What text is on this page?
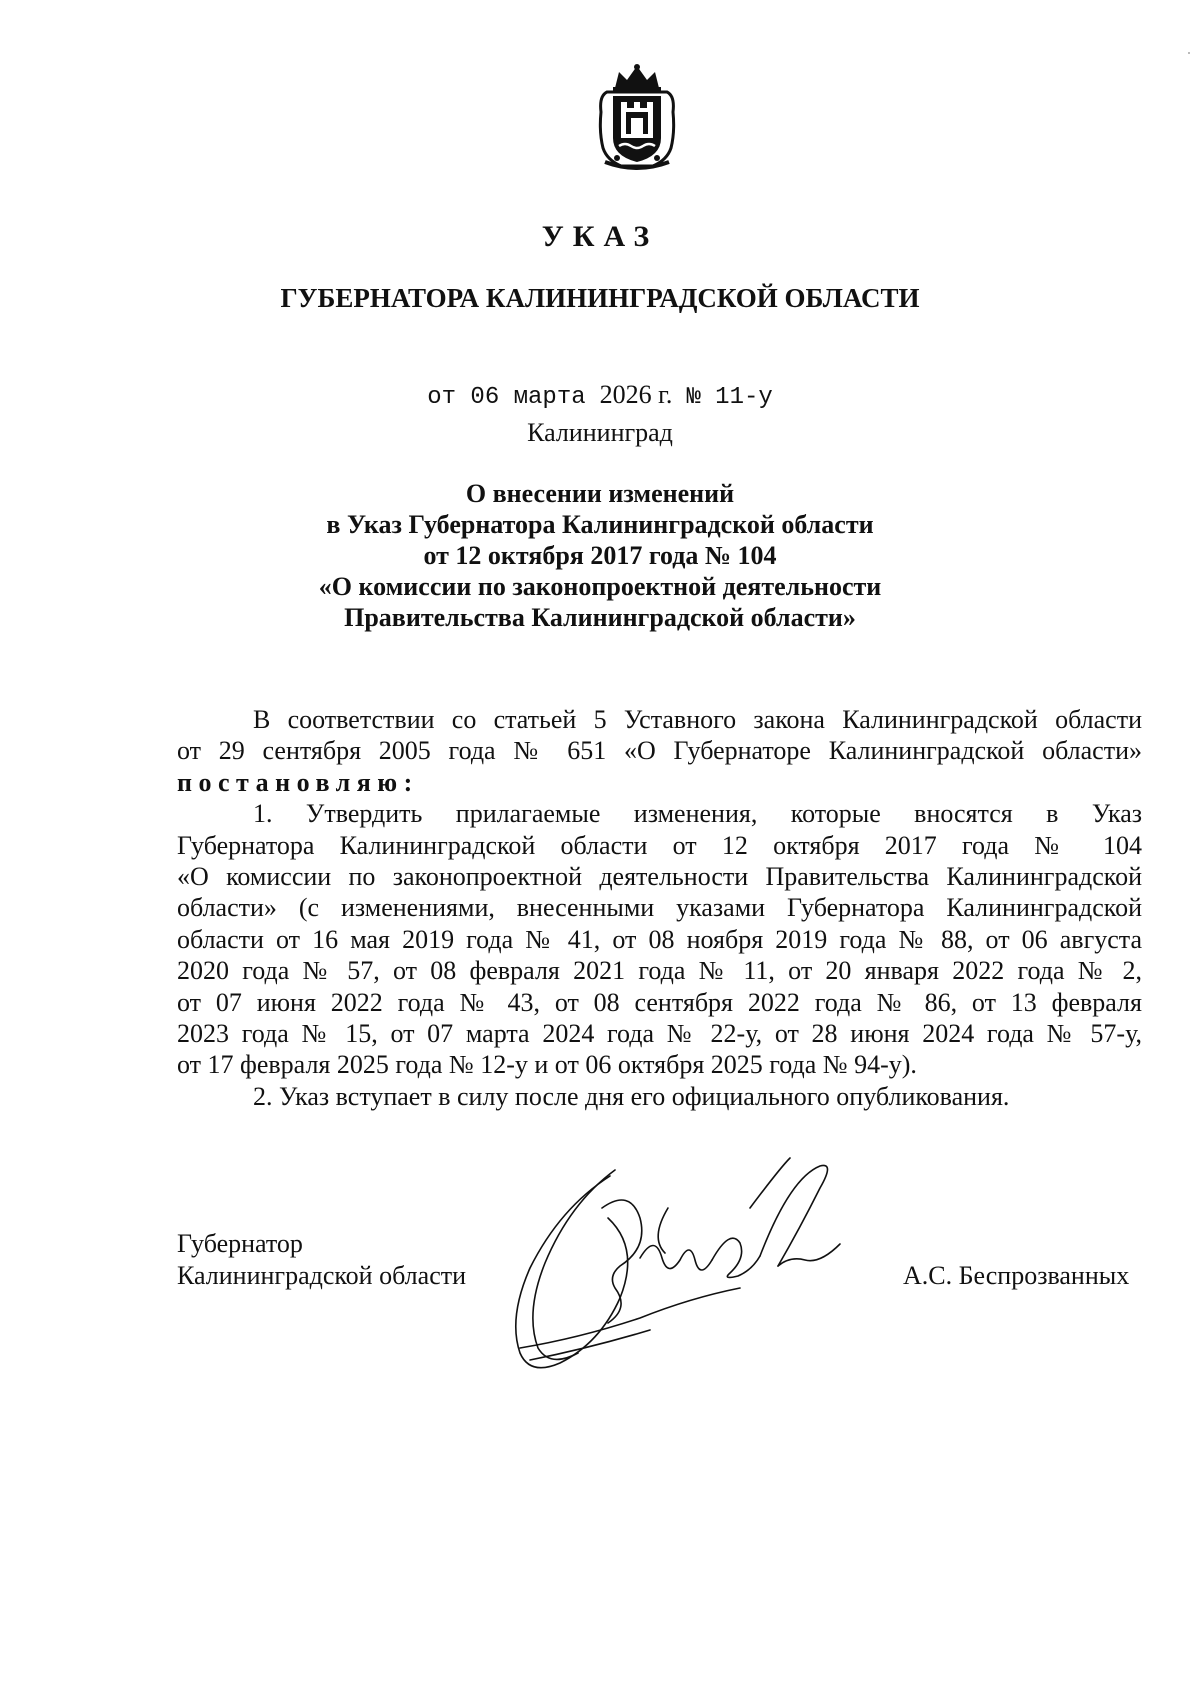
УКАЗ
ГУБЕРНАТОРА КАЛИНИНГРАДСКОЙ ОБЛАСТИ
от 06 марта 2026 г. № 11-у
Калининград
О внесении изменений
в Указ Губернатора Калининградской области
от 12 октября 2017 года № 104
«О комиссии по законопроектной деятельности
Правительства Калининградской области»
В соответствии со статьей 5 Уставного закона Калининградской области
от 29 сентября 2005 года № 651 «О Губернаторе Калининградской области»
постановляю:
1. Утвердить прилагаемые изменения, которые вносятся в Указ
Губернатора Калининградской области от 12 октября 2017 года № 104
«О комиссии по законопроектной деятельности Правительства Калининградской
области» (с изменениями, внесенными указами Губернатора Калининградской
области от 16 мая 2019 года № 41, от 08 ноября 2019 года № 88, от 06 августа
2020 года № 57, от 08 февраля 2021 года № 11, от 20 января 2022 года № 2,
от 07 июня 2022 года № 43, от 08 сентября 2022 года № 86, от 13 февраля
2023 года № 15, от 07 марта 2024 года № 22-у, от 28 июня 2024 года № 57-у,
от 17 февраля 2025 года № 12-у и от 06 октября 2025 года № 94-у).
2. Указ вступает в силу после дня его официального опубликования.
Губернатор
Калининградской области	А.С. Беспрозванных
